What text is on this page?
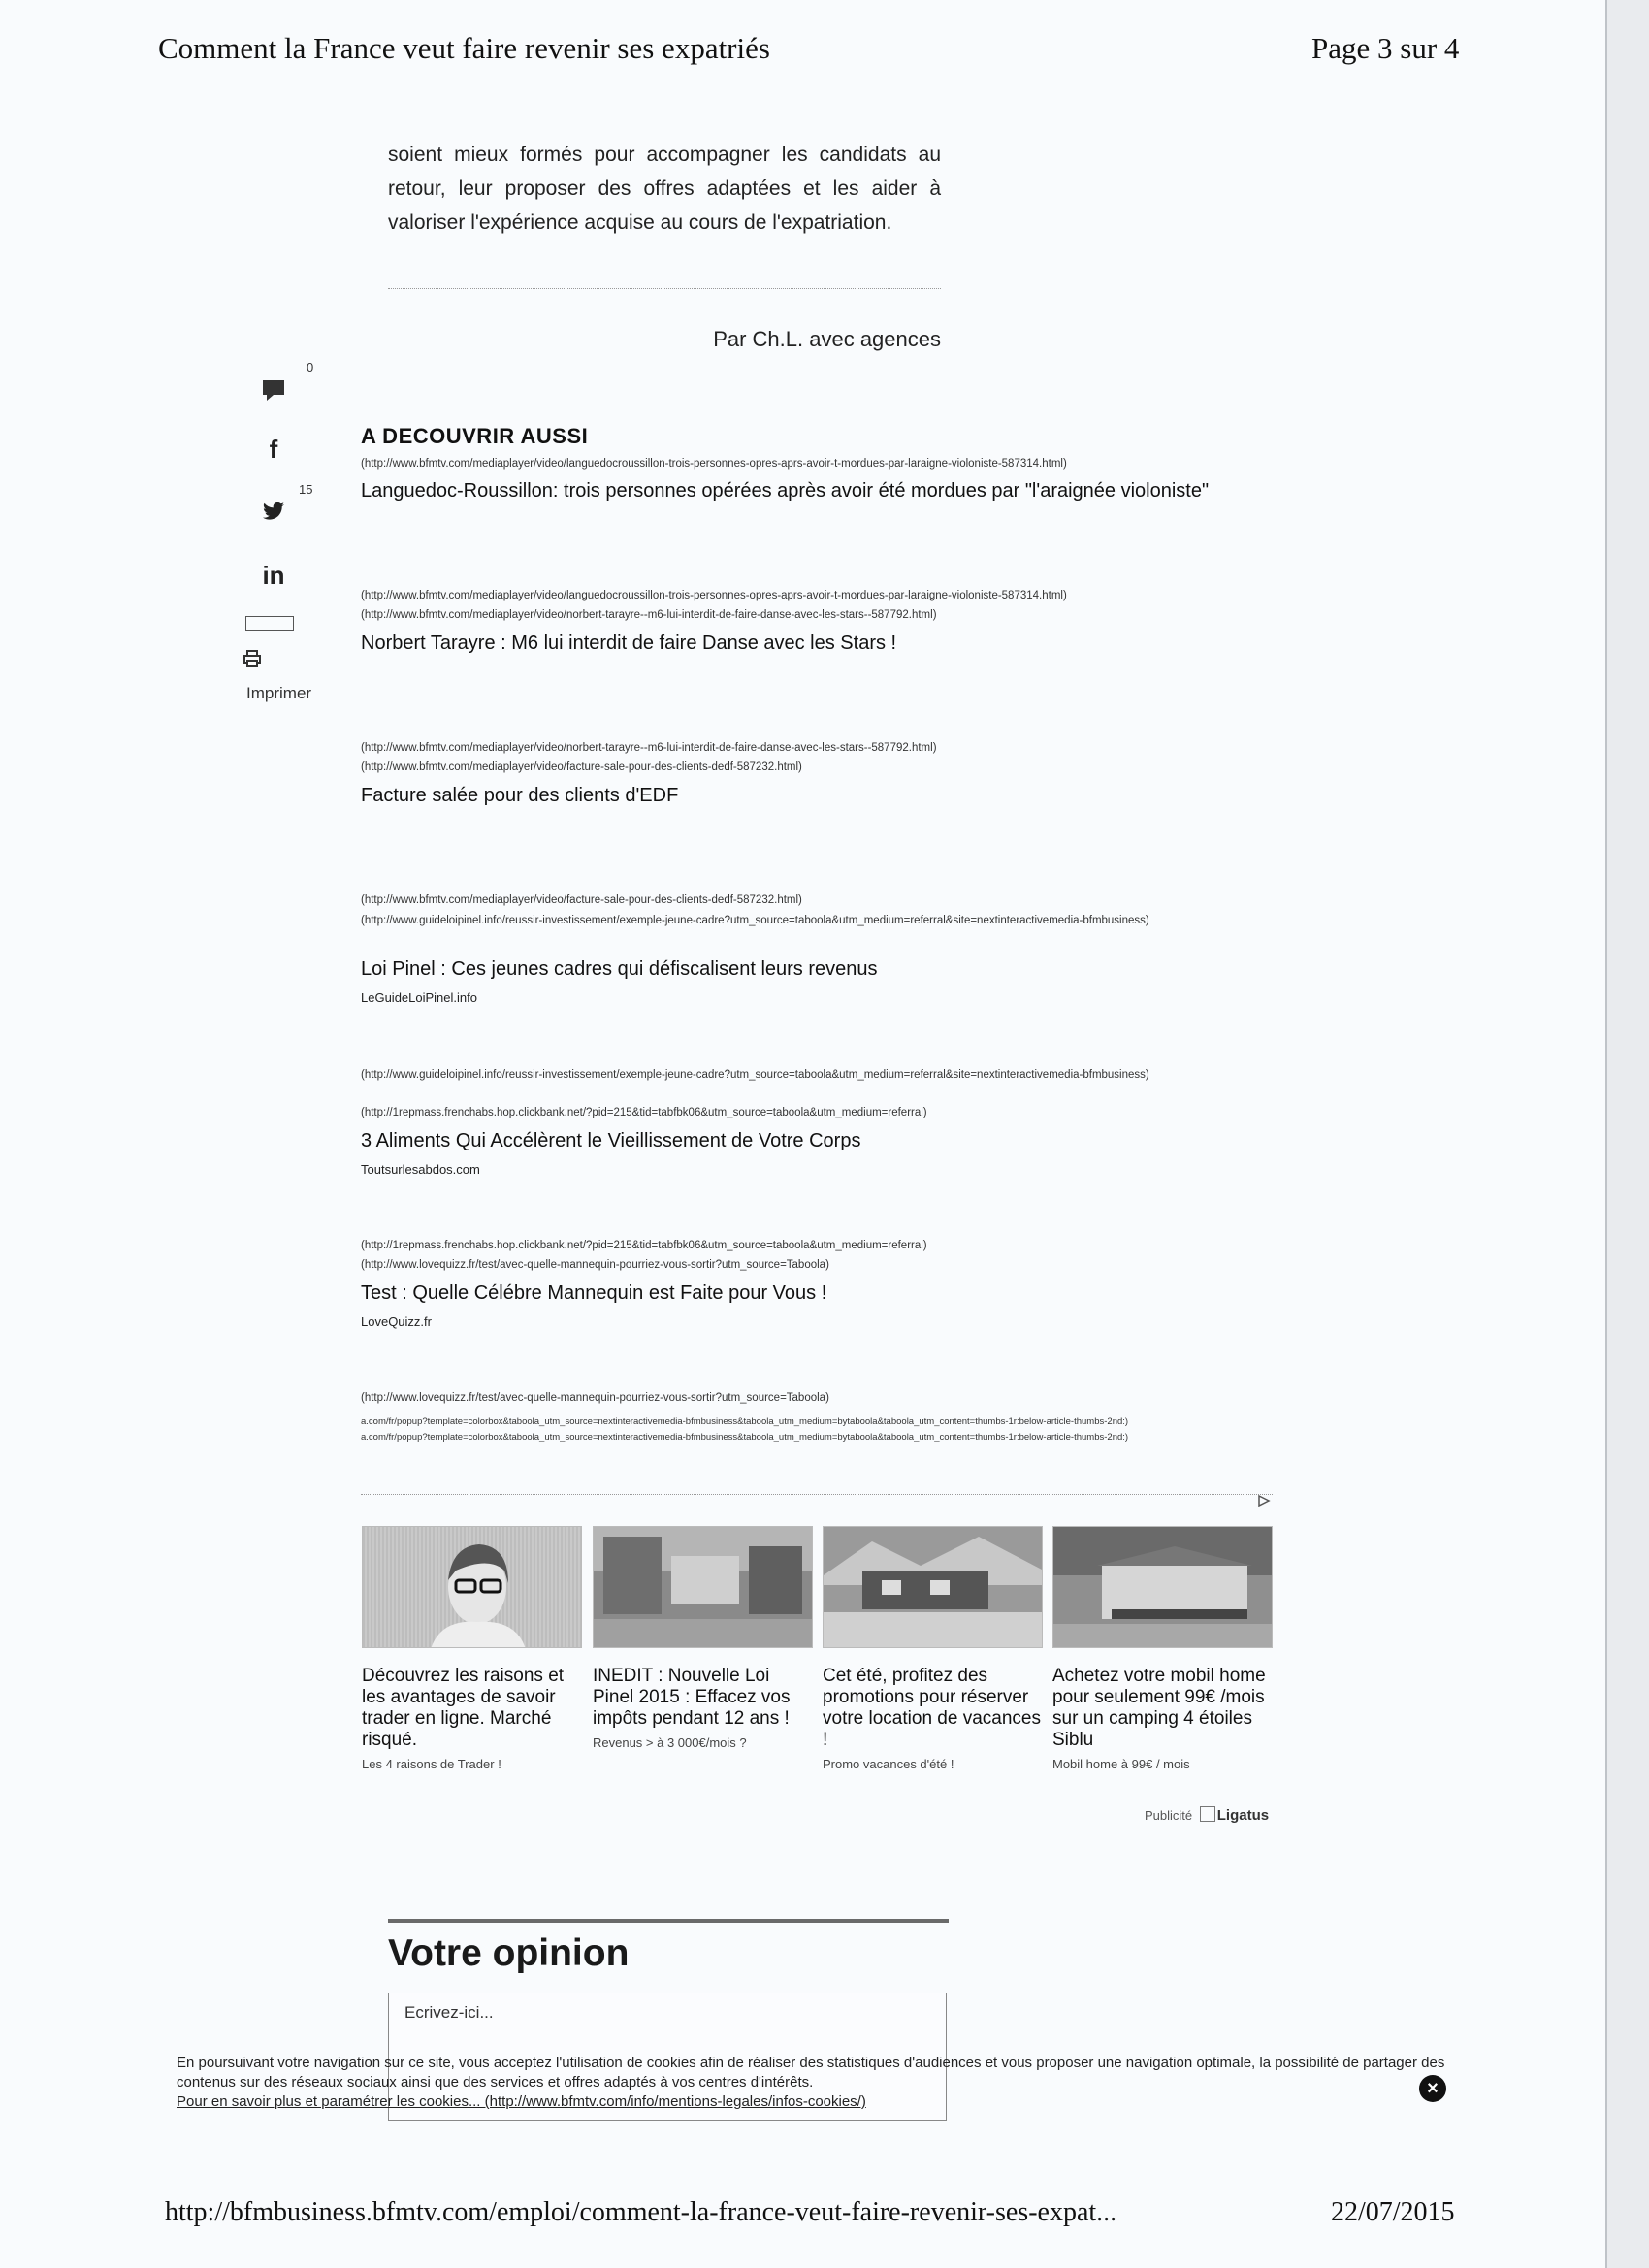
Comment la France veut faire revenir ses expatriés	Page 3 sur 4
soient mieux formés pour accompagner les candidats au retour, leur proposer des offres adaptées et les aider à valoriser l'expérience acquise au cours de l'expatriation.
Par Ch.L. avec agences
0
f
15
in
Imprimer
A DECOUVRIR AUSSI
(http://www.bfmtv.com/mediaplayer/video/languedocroussillon-trois-personnes-opres-aprs-avoir-t-mordues-par-laraigne-violoniste-587314.html)
Languedoc-Roussillon: trois personnes opérées après avoir été mordues par "l'araignée violoniste"
(http://www.bfmtv.com/mediaplayer/video/languedocroussillon-trois-personnes-opres-aprs-avoir-t-mordues-par-laraigne-violoniste-587314.html)
(http://www.bfmtv.com/mediaplayer/video/norbert-tarayre--m6-lui-interdit-de-faire-danse-avec-les-stars--587792.html)
Norbert Tarayre : M6 lui interdit de faire Danse avec les Stars !
(http://www.bfmtv.com/mediaplayer/video/norbert-tarayre--m6-lui-interdit-de-faire-danse-avec-les-stars--587792.html)
(http://www.bfmtv.com/mediaplayer/video/facture-sale-pour-des-clients-dedf-587232.html)
Facture salée pour des clients d'EDF
(http://www.bfmtv.com/mediaplayer/video/facture-sale-pour-des-clients-dedf-587232.html)
(http://www.guideloipinel.info/reussir-investissement/exemple-jeune-cadre?utm_source=taboola&utm_medium=referral&site=nextinteractivemedia-bfmbusiness)
Loi Pinel : Ces jeunes cadres qui défiscalisent leurs revenus
LeGuideLoiPinel.info
(http://www.guideloipinel.info/reussir-investissement/exemple-jeune-cadre?utm_source=taboola&utm_medium=referral&site=nextinteractivemedia-bfmbusiness)
(http://1repmass.frenchabs.hop.clickbank.net/?pid=215&tid=tabfbk06&utm_source=taboola&utm_medium=referral)
3 Aliments Qui Accélèrent le Vieillissement de Votre Corps
Toutsurlesabdos.com
(http://1repmass.frenchabs.hop.clickbank.net/?pid=215&tid=tabfbk06&utm_source=taboola&utm_medium=referral)
(http://www.lovequizz.fr/test/avec-quelle-mannequin-pourriez-vous-sortir?utm_source=Taboola)
Test : Quelle Célébre Mannequin est Faite pour Vous !
LoveQuizz.fr
(http://www.lovequizz.fr/test/avec-quelle-mannequin-pourriez-vous-sortir?utm_source=Taboola)
a.com/fr/popup?template=colorbox&taboola_utm_source=nextinteractivemedia-bfmbusiness&taboola_utm_medium=bytaboola&taboola_utm_content=thumbs-1r:below-article-thumbs-2nd:)
a.com/fr/popup?template=colorbox&taboola_utm_source=nextinteractivemedia-bfmbusiness&taboola_utm_medium=bytaboola&taboola_utm_content=thumbs-1r:below-article-thumbs-2nd:)
Découvrez les raisons et les avantages de savoir trader en ligne. Marché risqué.
Les 4 raisons de Trader !
INEDIT : Nouvelle Loi Pinel 2015 : Effacez vos impôts pendant 12 ans !
Revenus > à 3 000€/mois ?
Cet été, profitez des promotions pour réserver votre location de vacances !
Promo vacances d'été !
Achetez votre mobil home pour seulement 99€ /mois sur un camping 4 étoiles Siblu
Mobil home à 99€ / mois
Publicité Ligatus
Votre opinion
Ecrivez-ici...
En poursuivant votre navigation sur ce site, vous acceptez l'utilisation de cookies afin de réaliser des statistiques d'audiences et vous proposer une navigation optimale, la possibilité de partager des contenus sur des réseaux sociaux ainsi que des services et offres adaptés à vos centres d'intérêts.
Pour en savoir plus et paramétrer les cookies... (http://www.bfmtv.com/info/mentions-legales/infos-cookies/)
×
http://bfmbusiness.bfmtv.com/emploi/comment-la-france-veut-faire-revenir-ses-expat...	22/07/2015
